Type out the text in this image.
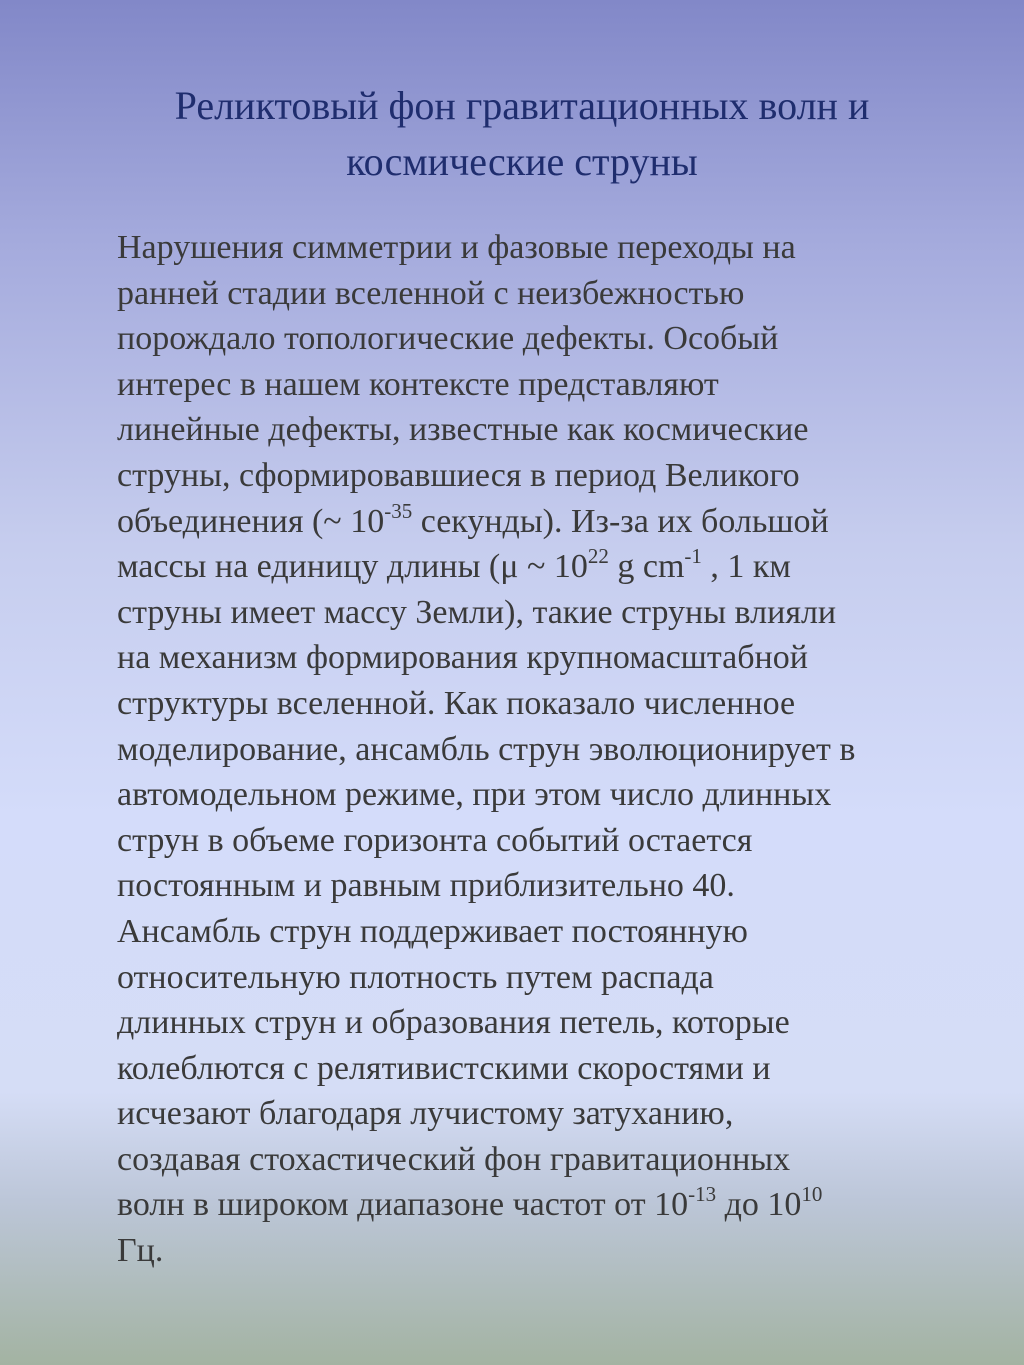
Реликтовый фон гравитационных волн и
космические струны
Нарушения симметрии и фазовые переходы на
ранней стадии вселенной с неизбежностью
порождало топологические дефекты. Особый
интерес в нашем контексте представляют
линейные дефекты, известные как космические
струны, сформировавшиеся в период Великого
объединения (~ $10^{-35}$ секунды). Из-за их большой
массы на единицу длины (μ ~ $10^{22}$ g $cm^{-1}$ , 1 км
струны имеет массу Земли), такие струны влияли
на механизм формирования крупномасштабной
структуры вселенной. Как показало численное
моделирование, ансамбль струн эволюционирует в
автомодельном режиме, при этом число длинных
струн в объеме горизонта событий остается
постоянным и равным приблизительно 40.
Ансамбль струн поддерживает постоянную
относительную плотность путем распада
длинных струн и образования петель, которые
колеблются с релятивистскими скоростями и
исчезают благодаря лучистому затуханию,
создавая стохастический фон гравитационных
волн в широком диапазоне частот от $10^{-13}$ до $10^{10}$
Гц.
